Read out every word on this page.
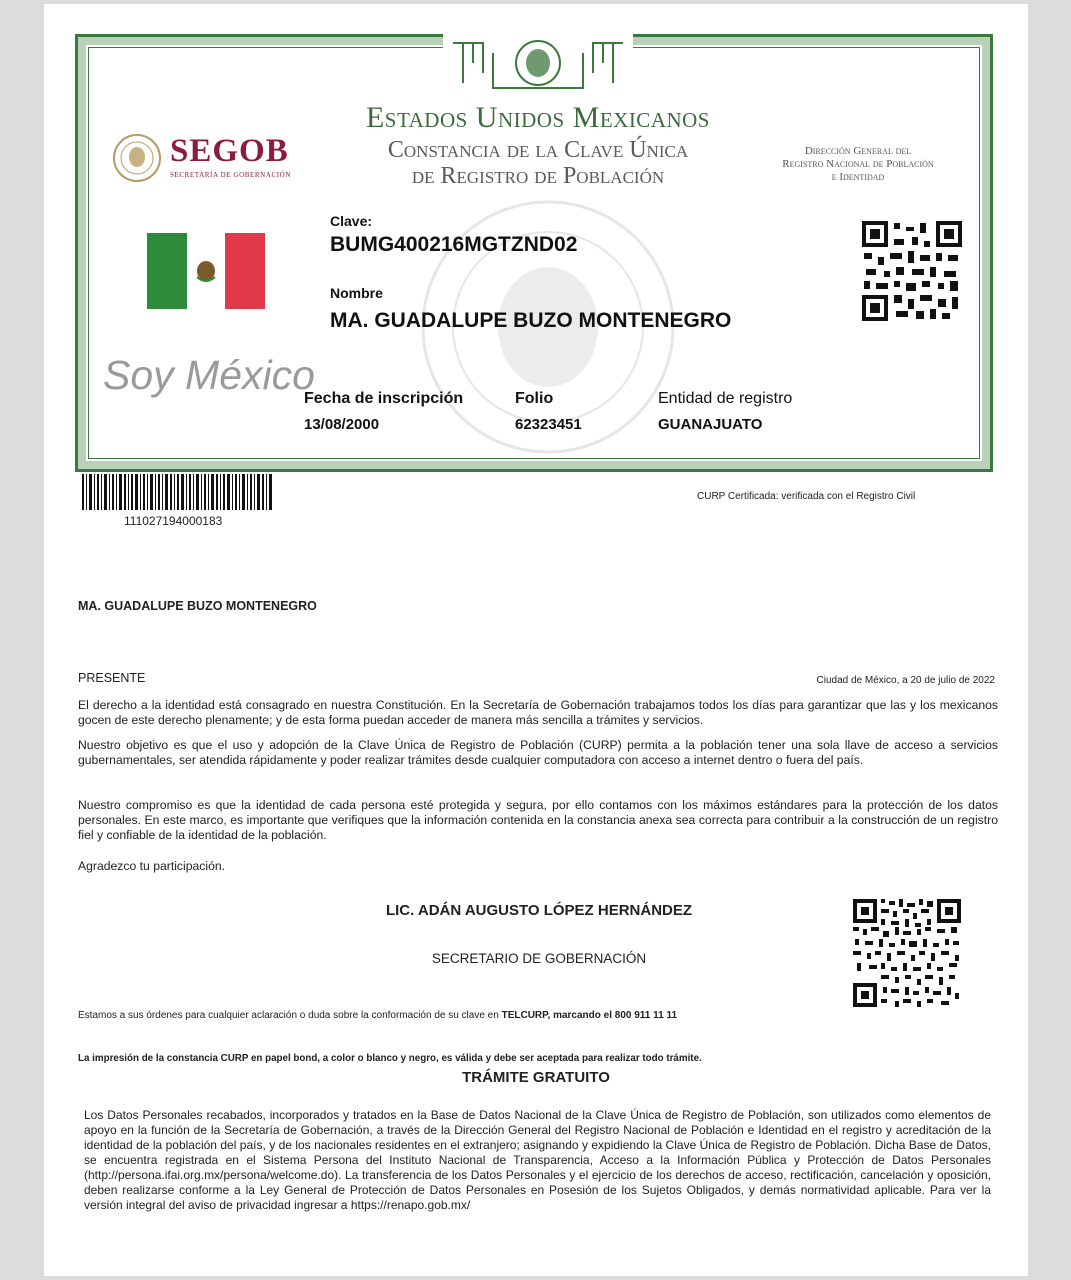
SEGOB
SECRETARÍA DE GOBERNACIÓN
Estados Unidos Mexicanos
Constancia de la Clave Única
de Registro de Población
Dirección General del
Registro Nacional de Población
e Identidad
Soy México
Clave:
BUMG400216MGTZND02
Nombre
MA. GUADALUPE BUZO MONTENEGRO
Fecha de inscripción
13/08/2000
Folio
62323451
Entidad de registro
GUANAJUATO
111027194000183
CURP Certificada: verificada con el Registro Civil
MA. GUADALUPE BUZO MONTENEGRO
PRESENTE	Ciudad de México, a 20 de julio de 2022
El derecho a la identidad está consagrado en nuestra Constitución. En la Secretaría de Gobernación trabajamos todos los días para garantizar que las y los mexicanos gocen de este derecho plenamente; y de esta forma puedan acceder de manera más sencilla a trámites y servicios.
Nuestro objetivo es que el uso y adopción de la Clave Única de Registro de Población (CURP) permita a la población tener una sola llave de acceso a servicios gubernamentales, ser atendida rápidamente y poder realizar trámites desde cualquier computadora con acceso a internet dentro o fuera del país.
Nuestro compromiso es que la identidad de cada persona esté protegida y segura, por ello contamos con los máximos estándares para la protección de los datos personales. En este marco, es importante que verifiques que la información contenida en la constancia anexa sea correcta para contribuir a la construcción de un registro fiel y confiable de la identidad de la población.
Agradezco tu participación.
LIC. ADÁN AUGUSTO LÓPEZ HERNÁNDEZ
SECRETARIO DE GOBERNACIÓN
Estamos a sus órdenes para cualquier aclaración o duda sobre la conformación de su clave en TELCURP, marcando el 800 911 11 11
La impresión de la constancia CURP en papel bond, a color o blanco y negro, es válida y debe ser aceptada para realizar todo trámite.
TRÁMITE GRATUITO
Los Datos Personales recabados, incorporados y tratados en la Base de Datos Nacional de la Clave Única de Registro de Población, son utilizados como elementos de apoyo en la función de la Secretaría de Gobernación, a través de la Dirección General del Registro Nacional de Población e Identidad en el registro y acreditación de la identidad de la población del país, y de los nacionales residentes en el extranjero; asignando y expidiendo la Clave Única de Registro de Población. Dicha Base de Datos, se encuentra registrada en el Sistema Persona del Instituto Nacional de Transparencia, Acceso a la Información Pública y Protección de Datos Personales (http://persona.ifai.org.mx/persona/welcome.do). La transferencia de los Datos Personales y el ejercicio de los derechos de acceso, rectificación, cancelación y oposición, deben realizarse conforme a la Ley General de Protección de Datos Personales en Posesión de los Sujetos Obligados, y demás normatividad aplicable. Para ver la versión integral del aviso de privacidad ingresar a https://renapo.gob.mx/
